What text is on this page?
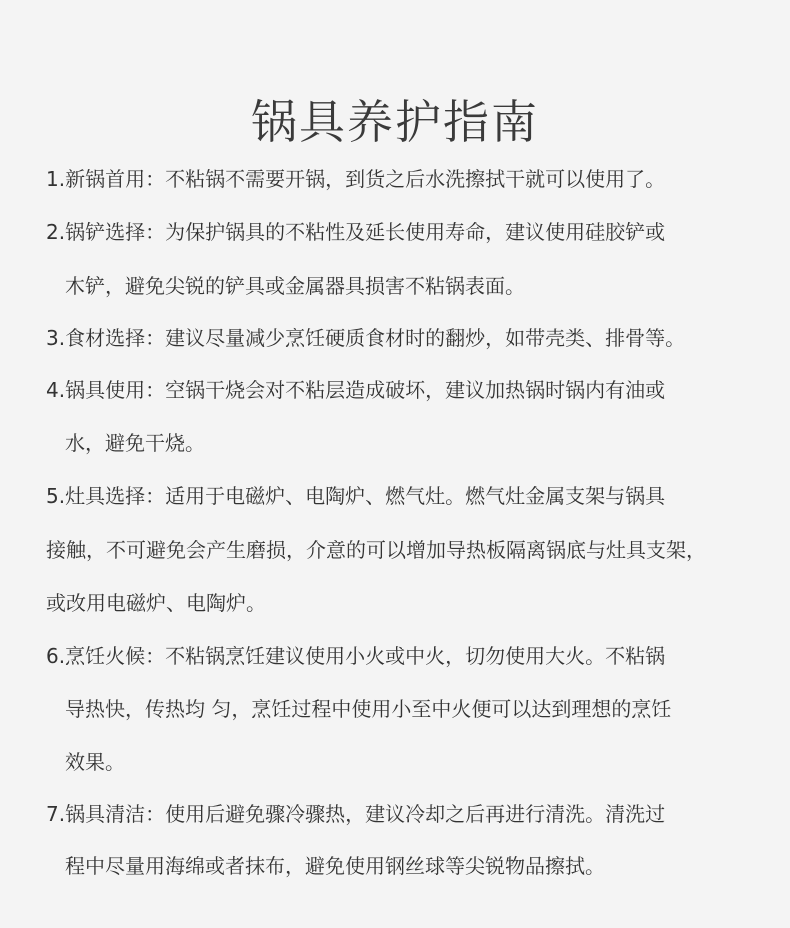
锅具养护指南
1.新锅首用：不粘锅不需要开锅，到货之后水洗擦拭干就可以使用了。
2.锅铲选择：为保护锅具的不粘性及延长使用寿命，建议使用硅胶铲或
木铲，避免尖锐的铲具或金属器具损害不粘锅表面。
3.食材选择：建议尽量减少烹饪硬质食材时的翻炒，如带壳类、排骨等。
4.锅具使用：空锅干烧会对不粘层造成破坏，建议加热锅时锅内有油或
水，避免干烧。
5.灶具选择：适用于电磁炉、电陶炉、燃气灶。燃气灶金属支架与锅具
接触，不可避免会产生磨损，介意的可以增加导热板隔离锅底与灶具支架，
或改用电磁炉、电陶炉。
6.烹饪火候：不粘锅烹饪建议使用小火或中火，切勿使用大火。不粘锅
导热快，传热均 匀，烹饪过程中使用小至中火便可以达到理想的烹饪
效果。
7.锅具清洁：使用后避免骤冷骤热，建议冷却之后再进行清洗。清洗过
程中尽量用海绵或者抹布，避免使用钢丝球等尖锐物品擦拭。
